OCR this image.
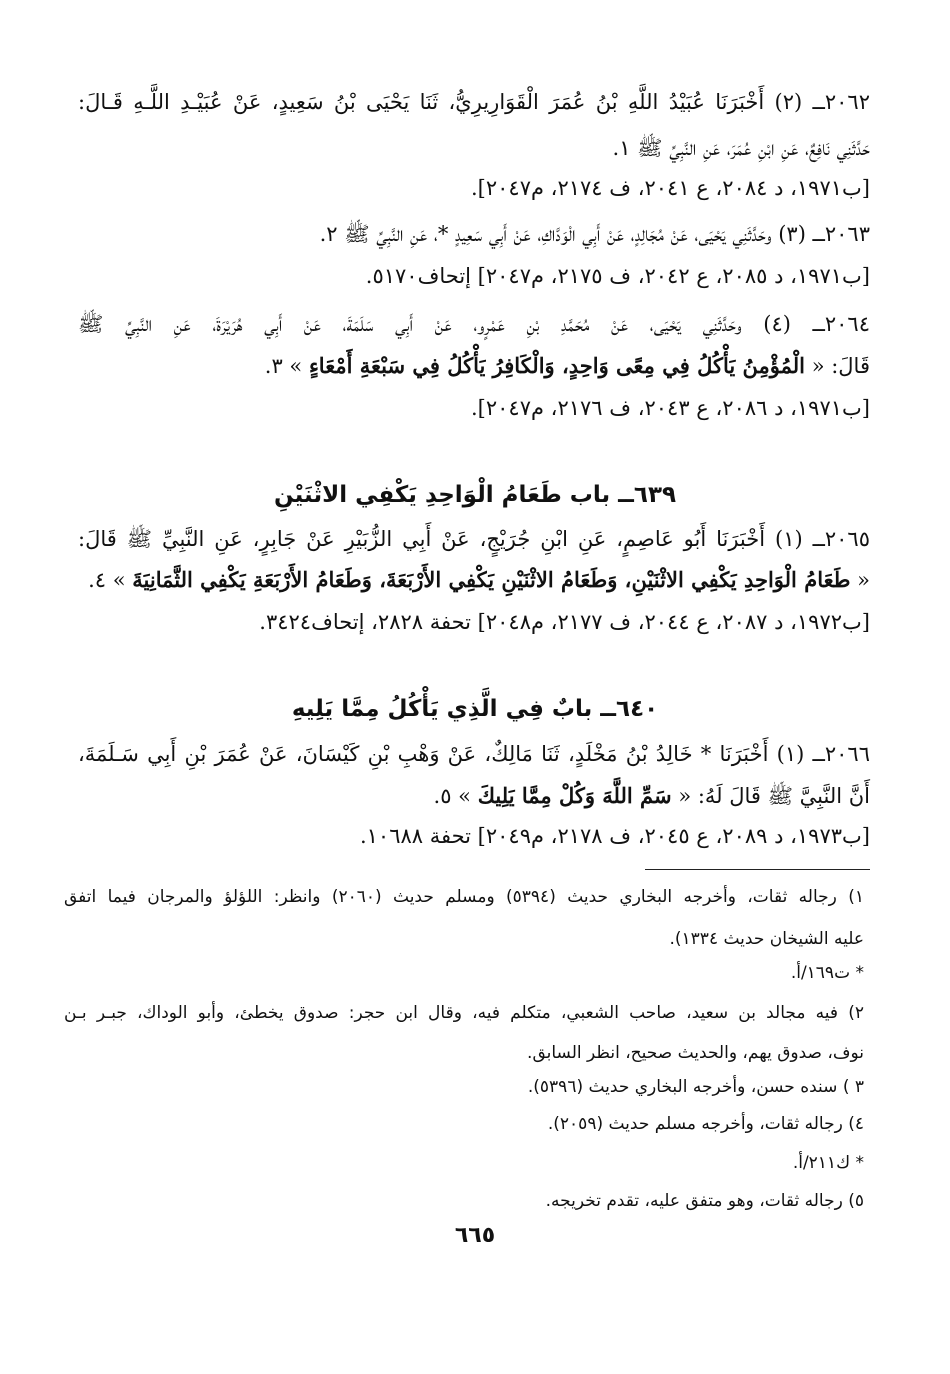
٢٠٦٢ــ (٢) أَخْبَرَنَا عُبَيْدُ اللَّهِ بْنُ عُمَرَ الْقَوَارِيرِيُّ، ثَنَا يَحْيَى بْنُ سَعِيدٍ، عَنْ عُبَيْـدِ اللَّـهِ قَـالَ:
حَدَّثَنِي نَافِعٌ، عَنِ ابْنِ عُمَرَ، عَنِ النَّبِيِّ ﷺ ١.
[ب١٩٧١، د ٢٠٨٤، ع ٢٠٤١، ف ٢١٧٤، م٢٠٤٧].
٢٠٦٣ــ (٣) وحَدَّثَنِي يَحْيَى، عَنْ مُجَالِدٍ، عَنْ أَبِي الْوَدَّاكِ، عَنْ أَبِي سَعِيدٍ *، عَنِ النَّبِيِّ ﷺ ٢.
[ب١٩٧١، د ٢٠٨٥، ع ٢٠٤٢، ف ٢١٧٥، م٢٠٤٧] إتحاف٥١٧٠.
٢٠٦٤ــ (٤) وحَدَّثَنِي يَحْيَى، عَنْ مُحَمَّدِ بْنِ عَمْرٍو، عَنْ أَبِي سَلَمَةَ، عَنْ أَبِي هُرَيْرَةَ، عَنِ النَّبِيِّ ﷺ
قَالَ: « الْمُؤْمِنُ يَأْكُلُ فِي مِعًى وَاحِدٍ، وَالْكَافِرُ يَأْكُلُ فِي سَبْعَةِ أَمْعَاءٍ » ٣.
[ب١٩٧١، د ٢٠٨٦، ع ٢٠٤٣، ف ٢١٧٦، م٢٠٤٧].
٦٣٩ــ باب طَعَامُ الْوَاحِدِ يَكْفِي الاثْنَيْنِ
٢٠٦٥ــ (١) أَخْبَرَنَا أَبُو عَاصِمٍ، عَنِ ابْنِ جُرَيْجٍ، عَنْ أَبِي الزُّبَيْرِ عَنْ جَابِرٍ، عَنِ النَّبِيِّ ﷺ قَالَ:
« طَعَامُ الْوَاحِدِ يَكْفِي الاثْنَيْنِ، وَطَعَامُ الاثْنَيْنِ يَكْفِي الأَرْبَعَةَ، وَطَعَامُ الأَرْبَعَةِ يَكْفِي الثَّمَانِيَةَ » ٤.
[ب١٩٧٢، د ٢٠٨٧، ع ٢٠٤٤، ف ٢١٧٧، م٢٠٤٨] تحفة ٢٨٢٨، إتحاف٣٤٢٤.
٦٤٠ــ بابٌ فِي الَّذِي يَأْكُلُ مِمَّا يَلِيهِ
٢٠٦٦ــ (١) أَخْبَرَنَا * خَالِدُ بْنُ مَخْلَدٍ، ثَنَا مَالِكٌ، عَنْ وَهْبِ بْنِ كَيْسَانَ، عَنْ عُمَرَ بْنِ أَبِي سَـلَمَةَ،
أَنَّ النَّبِيَّ ﷺ قَالَ لَهُ: « سَمِّ اللَّهَ وَكُلْ مِمَّا يَلِيكَ » ٥.
[ب١٩٧٣، د ٢٠٨٩، ع ٢٠٤٥، ف ٢١٧٨، م٢٠٤٩] تحفة ١٠٦٨٨.
١) رجاله ثقات، وأخرجه البخاري حديث (٥٣٩٤) ومسلم حديث (٢٠٦٠) وانظر: اللؤلؤ والمرجان فيما اتفق
عليه الشيخان حديث ١٣٣٤).
* ت١٦٩/أ.
٢) فيه مجالد بن سعيد، صاحب الشعبي، متكلم فيه، وقال ابن حجر: صدوق يخطئ، وأبو الوداك، جبـر بـن
نوف، صدوق يهم، والحديث صحيح، انظر السابق.
٣ ) سنده حسن، وأخرجه البخاري حديث (٥٣٩٦).
٤) رجاله ثقات، وأخرجه مسلم حديث (٢٠٥٩).
* ك٢١١/أ.
٥) رجاله ثقات، وهو متفق عليه، تقدم تخريجه.
٦٦٥
